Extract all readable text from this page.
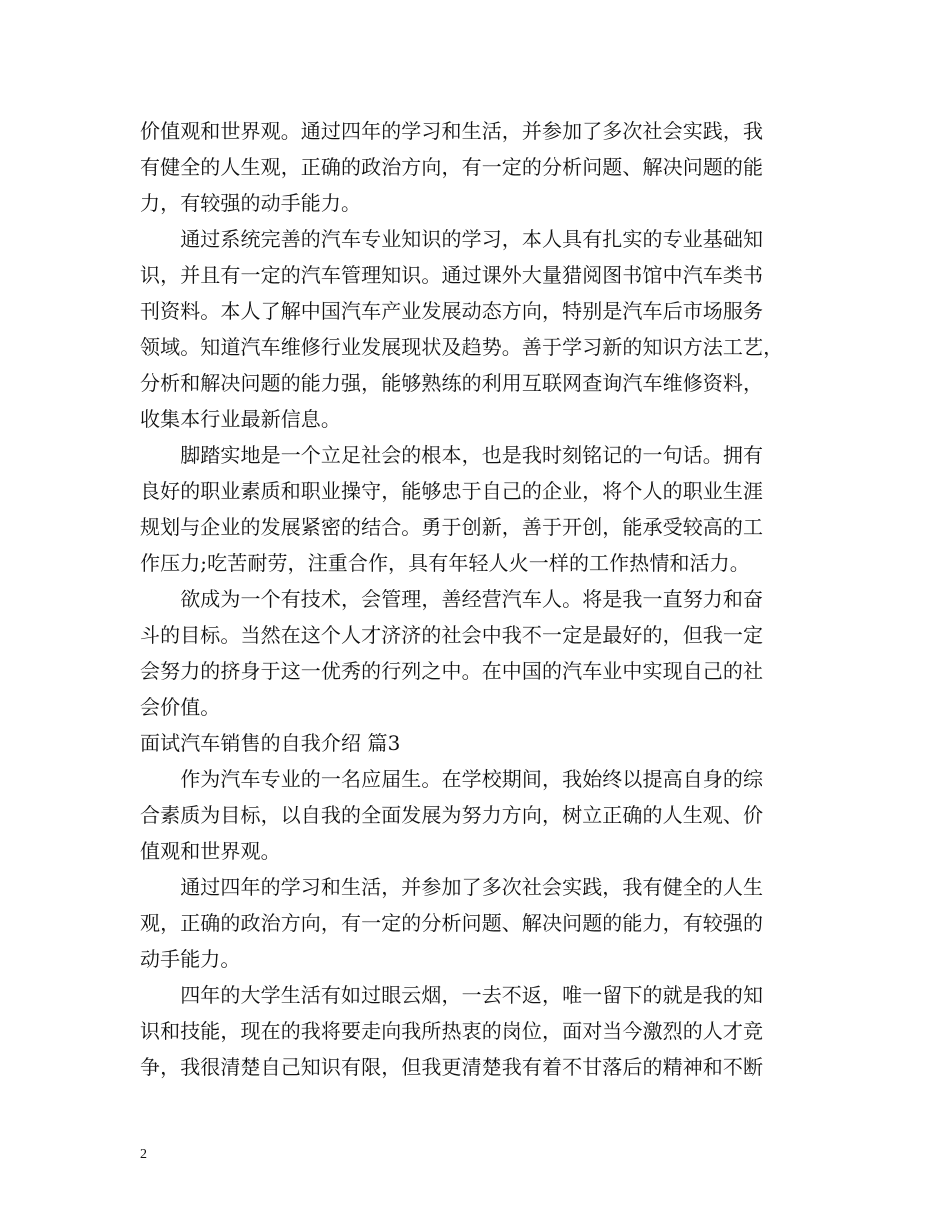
价值观和世界观。通过四年的学习和生活，并参加了多次社会实践，我
有健全的人生观，正确的政治方向，有一定的分析问题、解决问题的能
力，有较强的动手能力。
　　通过系统完善的汽车专业知识的学习，本人具有扎实的专业基础知
识，并且有一定的汽车管理知识。通过课外大量猎阅图书馆中汽车类书
刊资料。本人了解中国汽车产业发展动态方向，特别是汽车后市场服务
领域。知道汽车维修行业发展现状及趋势。善于学习新的知识方法工艺，
分析和解决问题的能力强，能够熟练的利用互联网查询汽车维修资料，
收集本行业最新信息。
　　脚踏实地是一个立足社会的根本，也是我时刻铭记的一句话。拥有
良好的职业素质和职业操守，能够忠于自己的企业，将个人的职业生涯
规划与企业的发展紧密的结合。勇于创新，善于开创，能承受较高的工
作压力;吃苦耐劳，注重合作，具有年轻人火一样的工作热情和活力。
　　欲成为一个有技术，会管理，善经营汽车人。将是我一直努力和奋
斗的目标。当然在这个人才济济的社会中我不一定是最好的，但我一定
会努力的挤身于这一优秀的行列之中。在中国的汽车业中实现自己的社
会价值。
面试汽车销售的自我介绍 篇3
　　作为汽车专业的一名应届生。在学校期间，我始终以提高自身的综
合素质为目标，以自我的全面发展为努力方向，树立正确的人生观、价
值观和世界观。
　　通过四年的学习和生活，并参加了多次社会实践，我有健全的人生
观，正确的政治方向，有一定的分析问题、解决问题的能力，有较强的
动手能力。
　　四年的大学生活有如过眼云烟，一去不返，唯一留下的就是我的知
识和技能，现在的我将要走向我所热衷的岗位，面对当今激烈的人才竞
争，我很清楚自己知识有限，但我更清楚我有着不甘落后的精神和不断
2
